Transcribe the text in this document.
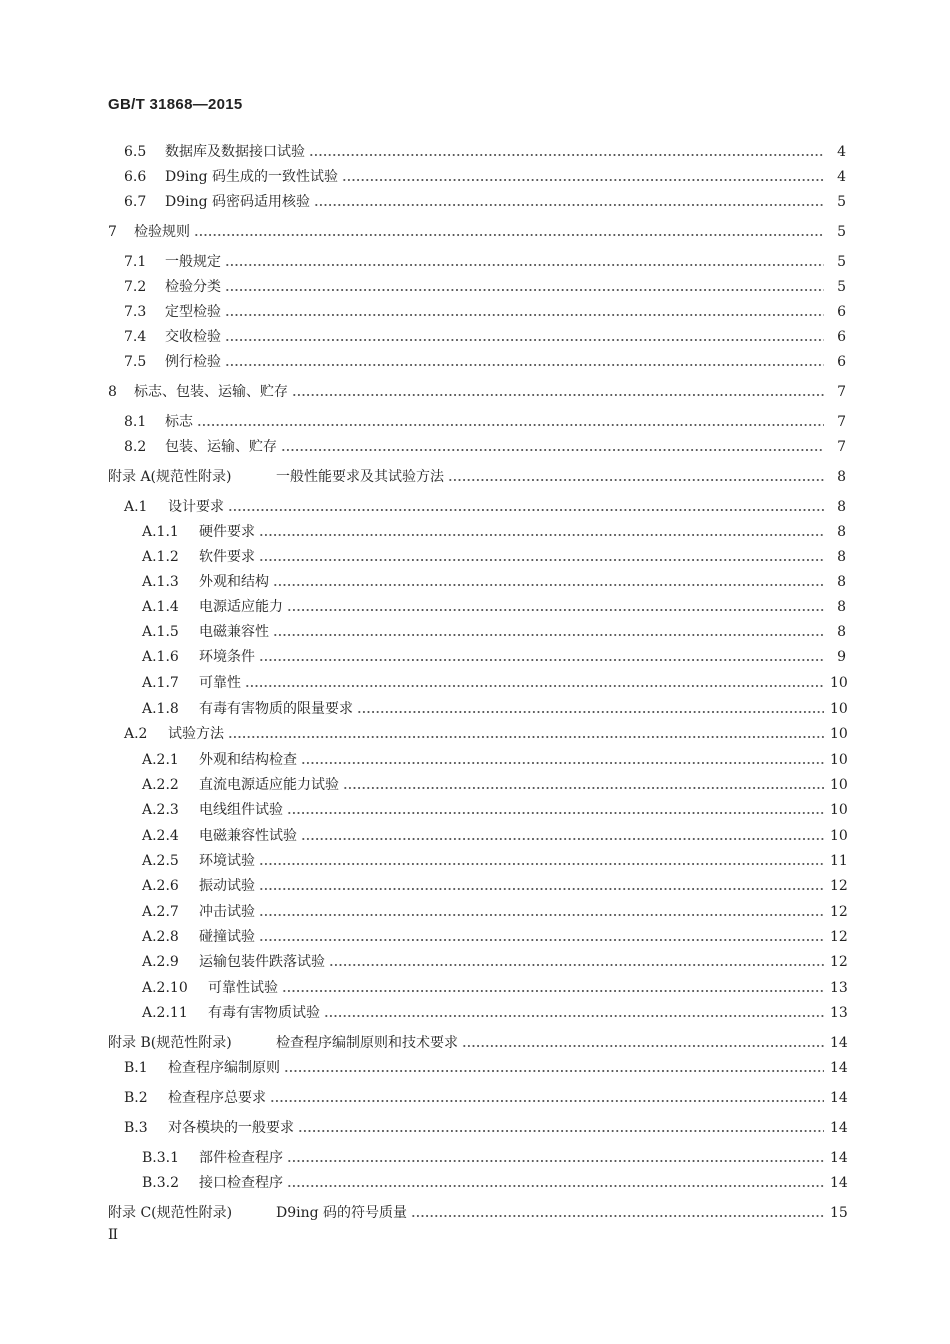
GB/T 31868—2015
6.5	数据库及数据接口试验	4
6.6	D9ing 码生成的一致性试验	4
6.7	D9ing 码密码适用核验	5
7	检验规则	5
7.1	一般规定	5
7.2	检验分类	5
7.3	定型检验	6
7.4	交收检验	6
7.5	例行检验	6
8	标志、包装、运输、贮存	7
8.1	标志	7
8.2	包装、运输、贮存	7
附录 A(规范性附录)	一般性能要求及其试验方法	8
A.1	设计要求	8
A.1.1	硬件要求	8
A.1.2	软件要求	8
A.1.3	外观和结构	8
A.1.4	电源适应能力	8
A.1.5	电磁兼容性	8
A.1.6	环境条件	9
A.1.7	可靠性	10
A.1.8	有毒有害物质的限量要求	10
A.2	试验方法	10
A.2.1	外观和结构检查	10
A.2.2	直流电源适应能力试验	10
A.2.3	电线组件试验	10
A.2.4	电磁兼容性试验	10
A.2.5	环境试验	11
A.2.6	振动试验	12
A.2.7	冲击试验	12
A.2.8	碰撞试验	12
A.2.9	运输包装件跌落试验	12
A.2.10	可靠性试验	13
A.2.11	有毒有害物质试验	13
附录 B(规范性附录)	检查程序编制原则和技术要求	14
B.1	检查程序编制原则	14
B.2	检查程序总要求	14
B.3	对各模块的一般要求	14
B.3.1	部件检查程序	14
B.3.2	接口检查程序	14
附录 C(规范性附录)	D9ing 码的符号质量	15
II
